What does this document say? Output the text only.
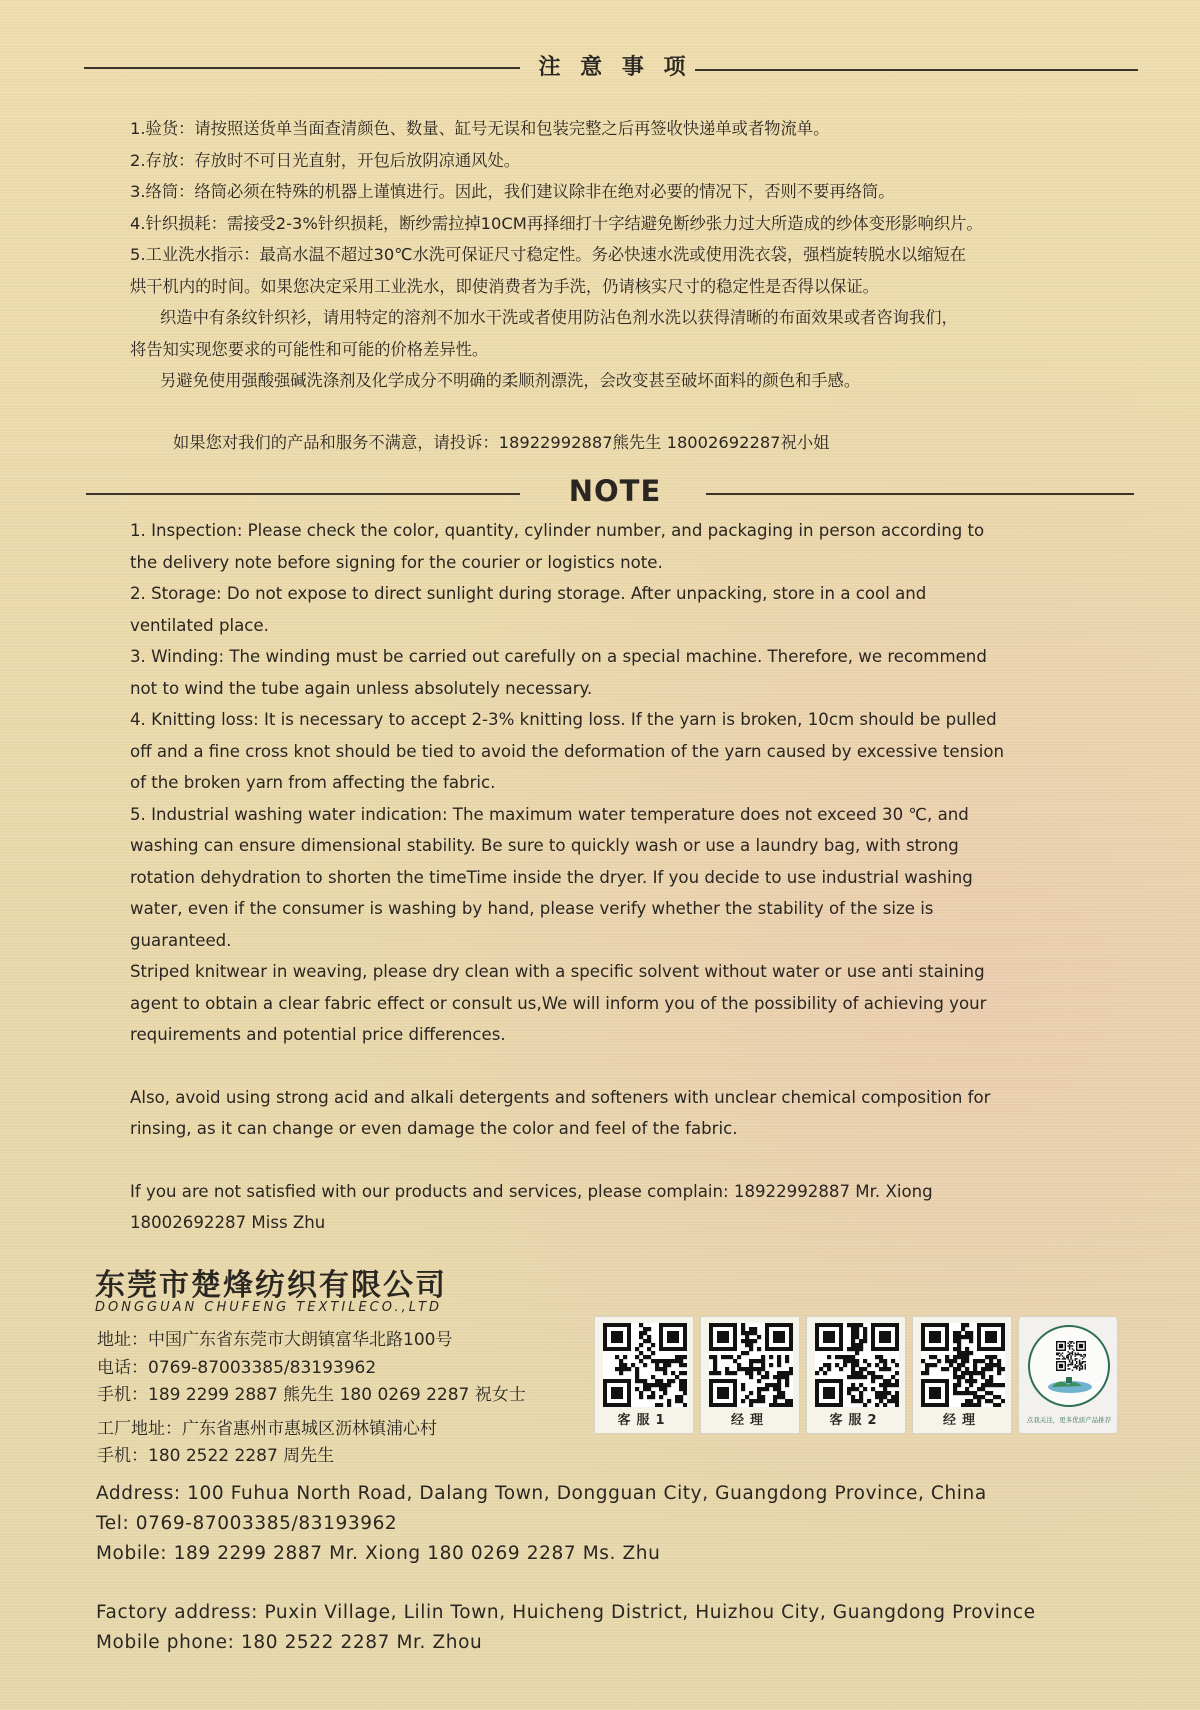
注 意 事 项
1.验货：请按照送货单当面查清颜色、数量、缸号无误和包装完整之后再签收快递单或者物流单。
2.存放：存放时不可日光直射，开包后放阴凉通风处。
3.络筒：络筒必须在特殊的机器上谨慎进行。因此，我们建议除非在绝对必要的情况下，否则不要再络筒。
4.针织损耗：需接受2-3%针织损耗，断纱需拉掉10CM再择细打十字结避免断纱张力过大所造成的纱体变形影响织片。
5.工业洗水指示：最高水温不超过30℃水洗可保证尺寸稳定性。务必快速水洗或使用洗衣袋，强档旋转脱水以缩短在
烘干机内的时间。如果您决定采用工业洗水，即使消费者为手洗，仍请核实尺寸的稳定性是否得以保证。
织造中有条纹针织衫，请用特定的溶剂不加水干洗或者使用防沾色剂水洗以获得清晰的布面效果或者咨询我们，
将告知实现您要求的可能性和可能的价格差异性。
另避免使用强酸强碱洗涤剂及化学成分不明确的柔顺剂漂洗，会改变甚至破坏面料的颜色和手感。
如果您对我们的产品和服务不满意，请投诉：18922992887熊先生 18002692287祝小姐
NOTE
1. Inspection: Please check the color, quantity, cylinder number, and packaging in person according to
the delivery note before signing for the courier or logistics note.
2. Storage: Do not expose to direct sunlight during storage. After unpacking, store in a cool and
ventilated place.
3. Winding: The winding must be carried out carefully on a special machine. Therefore, we recommend
not to wind the tube again unless absolutely necessary.
4. Knitting loss: It is necessary to accept 2-3% knitting loss. If the yarn is broken, 10cm should be pulled
off and a fine cross knot should be tied to avoid the deformation of the yarn caused by excessive tension
of the broken yarn from affecting the fabric.
5. Industrial washing water indication: The maximum water temperature does not exceed 30 ℃, and
washing can ensure dimensional stability. Be sure to quickly wash or use a laundry bag, with strong
rotation dehydration to shorten the timeTime inside the dryer. If you decide to use industrial washing
water, even if the consumer is washing by hand, please verify whether the stability of the size is
guaranteed.
Striped knitwear in weaving, please dry clean with a specific solvent without water or use anti staining
agent to obtain a clear fabric effect or consult us,We will inform you of the possibility of achieving your
requirements and potential price differences.
Also, avoid using strong acid and alkali detergents and softeners with unclear chemical composition for
rinsing, as it can change or even damage the color and feel of the fabric.
If you are not satisfied with our products and services, please complain: 18922992887 Mr. Xiong
18002692287 Miss Zhu
东莞市楚烽纺织有限公司
DONGGUAN CHUFENG TEXTILECO.,LTD
地址：中国广东省东莞市大朗镇富华北路100号
电话：0769-87003385/83193962
手机：189 2299 2887 熊先生 180 0269 2287 祝女士
工厂地址：广东省惠州市惠城区沥林镇浦心村
手机：180 2522 2287 周先生
客服1	经理	客服2	经理	点我关注，更多优质产品推荐
Address: 100 Fuhua North Road, Dalang Town, Dongguan City, Guangdong Province, China
Tel: 0769-87003385/83193962
Mobile: 189 2299 2887 Mr. Xiong 180 0269 2287 Ms. Zhu
Factory address: Puxin Village, Lilin Town, Huicheng District, Huizhou City, Guangdong Province
Mobile phone: 180 2522 2287 Mr. Zhou
